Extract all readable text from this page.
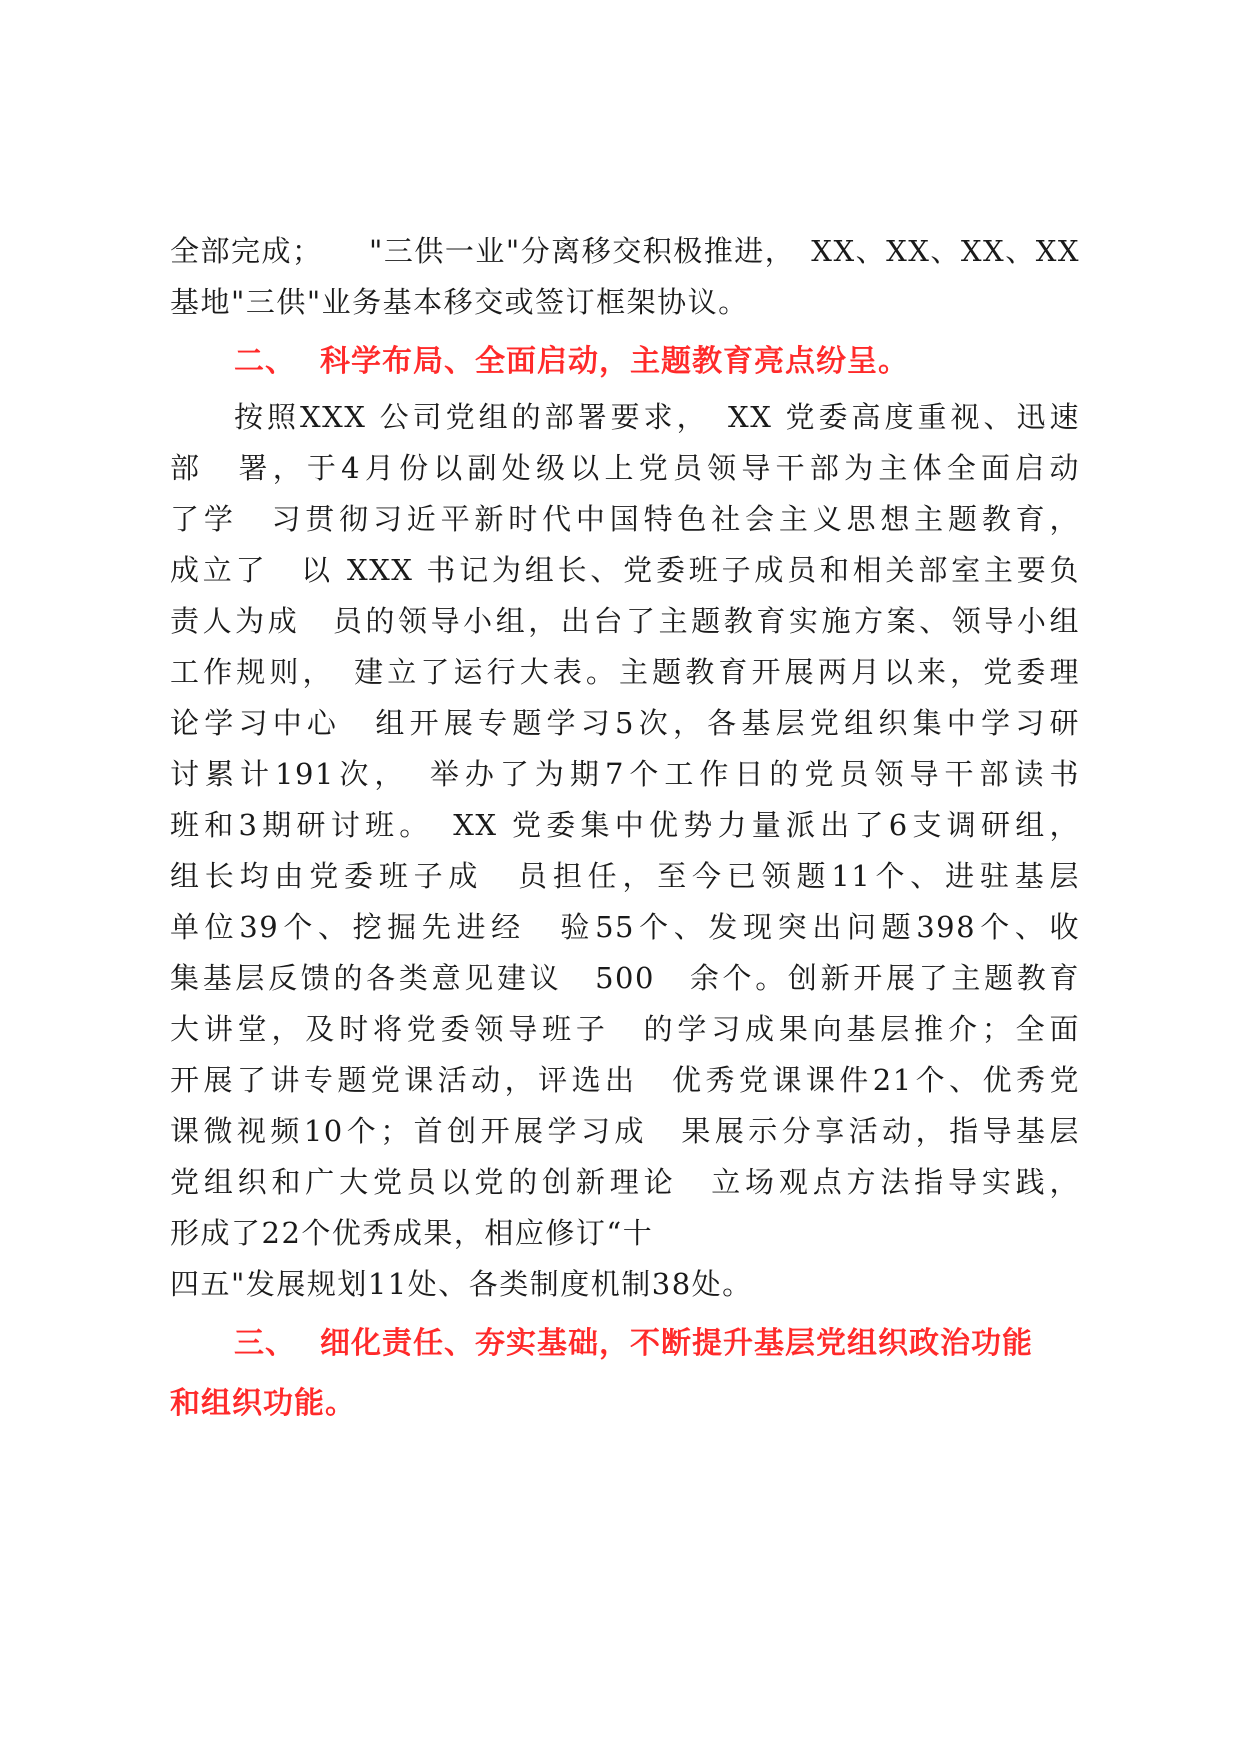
全部完成；　　"三供一业"分离移交积极推进，　XX、XX、XX、XX
基地"三供"业务基本移交或签订框架协议。
二、 科学布局、全面启动，主题教育亮点纷呈。
按照XXX 公司党组的部署要求，　XX 党委高度重视、迅速
部　署，于4月份以副处级以上党员领导干部为主体全面启动
了学　习贯彻习近平新时代中国特色社会主义思想主题教育，
成立了　以 XXX 书记为组长、党委班子成员和相关部室主要负
责人为成　员的领导小组，出台了主题教育实施方案、领导小组
工作规则，　建立了运行大表。主题教育开展两月以来，党委理
论学习中心　组开展专题学习5次，各基层党组织集中学习研
讨累计191次，　举办了为期7个工作日的党员领导干部读书
班和3期研讨班。　XX 党委集中优势力量派出了6支调研组，
组长均由党委班子成　员担任，至今已领题11个、进驻基层
单位39个、挖掘先进经　验55个、发现突出问题398个、收
集基层反馈的各类意见建议　500　余个。创新开展了主题教育
大讲堂，及时将党委领导班子　的学习成果向基层推介；全面
开展了讲专题党课活动，评选出　优秀党课课件21个、优秀党
课微视频10个；首创开展学习成　果展示分享活动，指导基层
党组织和广大党员以党的创新理论　立场观点方法指导实践，
形成了22个优秀成果，相应修订“十
四五"发展规划11处、各类制度机制38处。
三、 细化责任、夯实基础，不断提升基层党组织政治功能
和组织功能。
